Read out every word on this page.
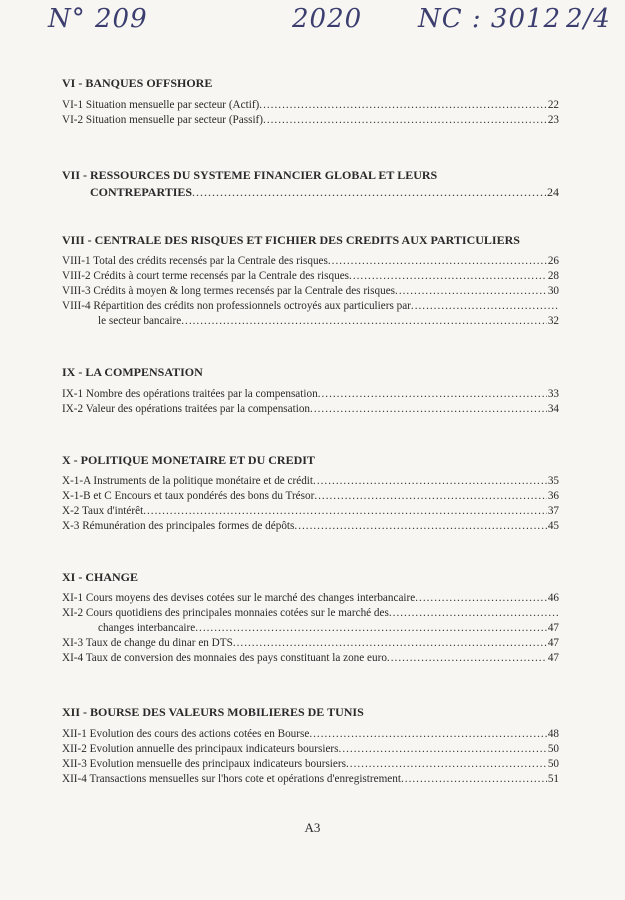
N° 209	2020 NC : 3012 2/4
VI - BANQUES OFFSHORE
VI-1 Situation mensuelle par secteur (Actif) .....	22
VI-2 Situation mensuelle par secteur (Passif) .....	23
VII - RESSOURCES DU SYSTEME FINANCIER GLOBAL ET LEURS
CONTREPARTIES .....	24
VIII - CENTRALE DES RISQUES ET FICHIER DES CREDITS AUX PARTICULIERS
VIII-1 Total des crédits recensés par la Centrale des risques .....	26
VIII-2 Crédits à court terme recensés par la Centrale des risques .....	28
VIII-3 Crédits à moyen & long termes recensés par la Centrale des risques .....	30
VIII-4 Répartition des crédits non professionnels octroyés aux particuliers par
.....
le secteur bancaire .....	32
IX - LA COMPENSATION
IX-1 Nombre des opérations traitées par la compensation .....	33
IX-2 Valeur des opérations traitées par la compensation .....	34
X - POLITIQUE MONETAIRE ET DU CREDIT
X-1-A Instruments de la politique monétaire et de crédit .....	35
X-1-B et C Encours et taux pondérés des bons du Trésor .....	36
X-2 Taux d'intérêt .....	37
X-3 Rémunération des principales formes de dépôts .....	45
XI - CHANGE
XI-1 Cours moyens des devises cotées sur le marché des changes interbancaire .....	46
XI-2 Cours quotidiens des principales monnaies cotées sur le marché des
.....
changes interbancaire .....	47
XI-3 Taux de change du dinar en DTS .....	47
XI-4 Taux de conversion des monnaies des pays constituant la zone euro .....	47
XII - BOURSE DES VALEURS MOBILIERES DE TUNIS
XII-1 Evolution des cours des actions cotées en Bourse .....	48
XII-2 Evolution annuelle des principaux indicateurs boursiers .....	50
XII-3 Evolution mensuelle des principaux indicateurs boursiers .....	50
XII-4 Transactions mensuelles sur l'hors cote et opérations d'enregistrement .....	51
A3
